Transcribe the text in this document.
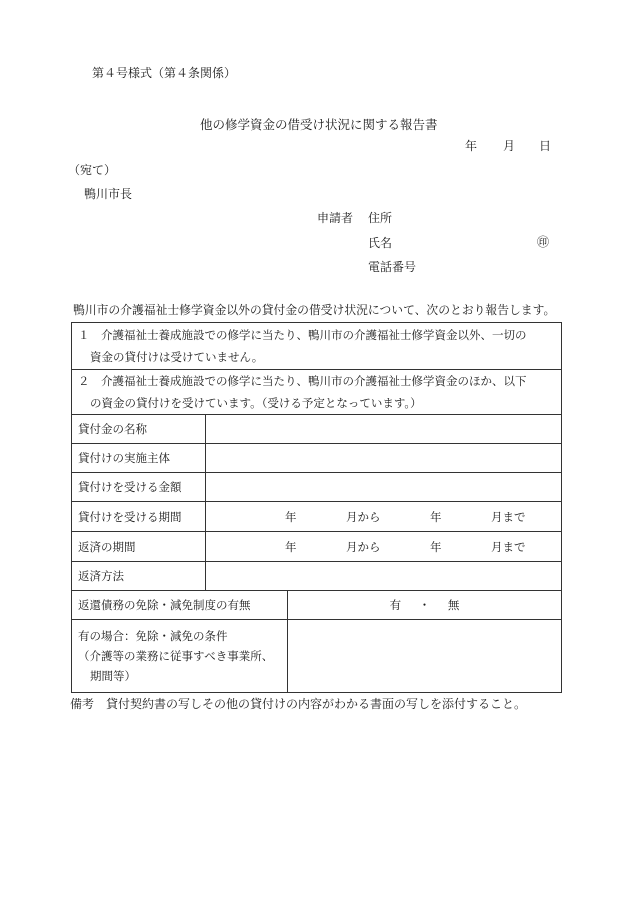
第４号様式（第４条関係）
他の修学資金の借受け状況に関する報告書
年 月 日
（宛て）
鴨川市長
申請者 住所
氏名	㊞
電話番号
鴨川市の介護福祉士修学資金以外の貸付金の借受け状況について、次のとおり報告します。
１　介護福祉士養成施設での修学に当たり、鴨川市の介護福祉士修学資金以外、一切の
資金の貸付けは受けていません。		

２　介護福祉士養成施設での修学に当たり、鴨川市の介護福祉士修学資金のほか、以下
の資金の貸付けを受けています。（受ける予定となっています。）		

貸付金の名称		
貸付けの実施主体		
貸付けを受ける金額		
貸付けを受ける期間	年 月から 年 月まで	

返済の期間	年 月から 年 月まで	

返済方法		
返還債務の免除・減免制度の有無		有 ・ 無

有の場合：免除・減免の条件
（介護等の業務に従事すべき事業所、
期間等）		

備考　貸付契約書の写しその他の貸付けの内容がわかる書面の写しを添付すること。
